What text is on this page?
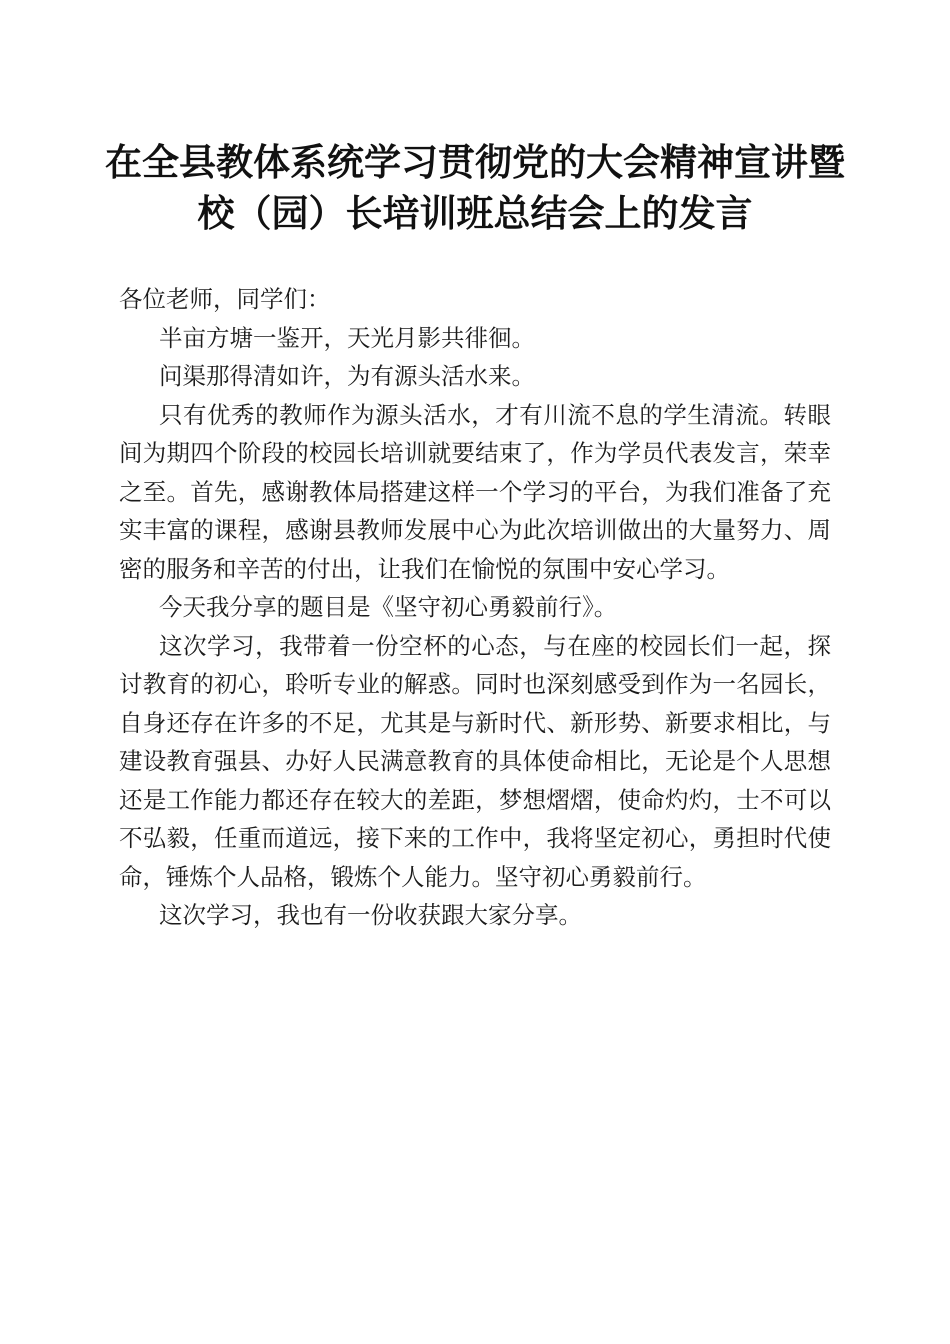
在全县教体系统学习贯彻党的大会精神宣讲暨
校（园）长培训班总结会上的发言

各位老师，同学们：

半亩方塘一鉴开，天光月影共徘徊。

问渠那得清如许，为有源头活水来。

只有优秀的教师作为源头活水，才有川流不息的学生清流。转眼间为期四个阶段的校园长培训就要结束了，作为学员代表发言，荣幸之至。首先，感谢教体局搭建这样一个学习的平台，为我们准备了充实丰富的课程，感谢县教师发展中心为此次培训做出的大量努力、周密的服务和辛苦的付出，让我们在愉悦的氛围中安心学习。

今天我分享的题目是《坚守初心勇毅前行》。

这次学习，我带着一份空杯的心态，与在座的校园长们一起，探讨教育的初心，聆听专业的解惑。同时也深刻感受到作为一名园长，自身还存在许多的不足，尤其是与新时代、新形势、新要求相比，与建设教育强县、办好人民满意教育的具体使命相比，无论是个人思想还是工作能力都还存在较大的差距，梦想熠熠，使命灼灼，士不可以不弘毅，任重而道远，接下来的工作中，我将坚定初心，勇担时代使命，锤炼个人品格，锻炼个人能力。坚守初心勇毅前行。

这次学习，我也有一份收获跟大家分享。
